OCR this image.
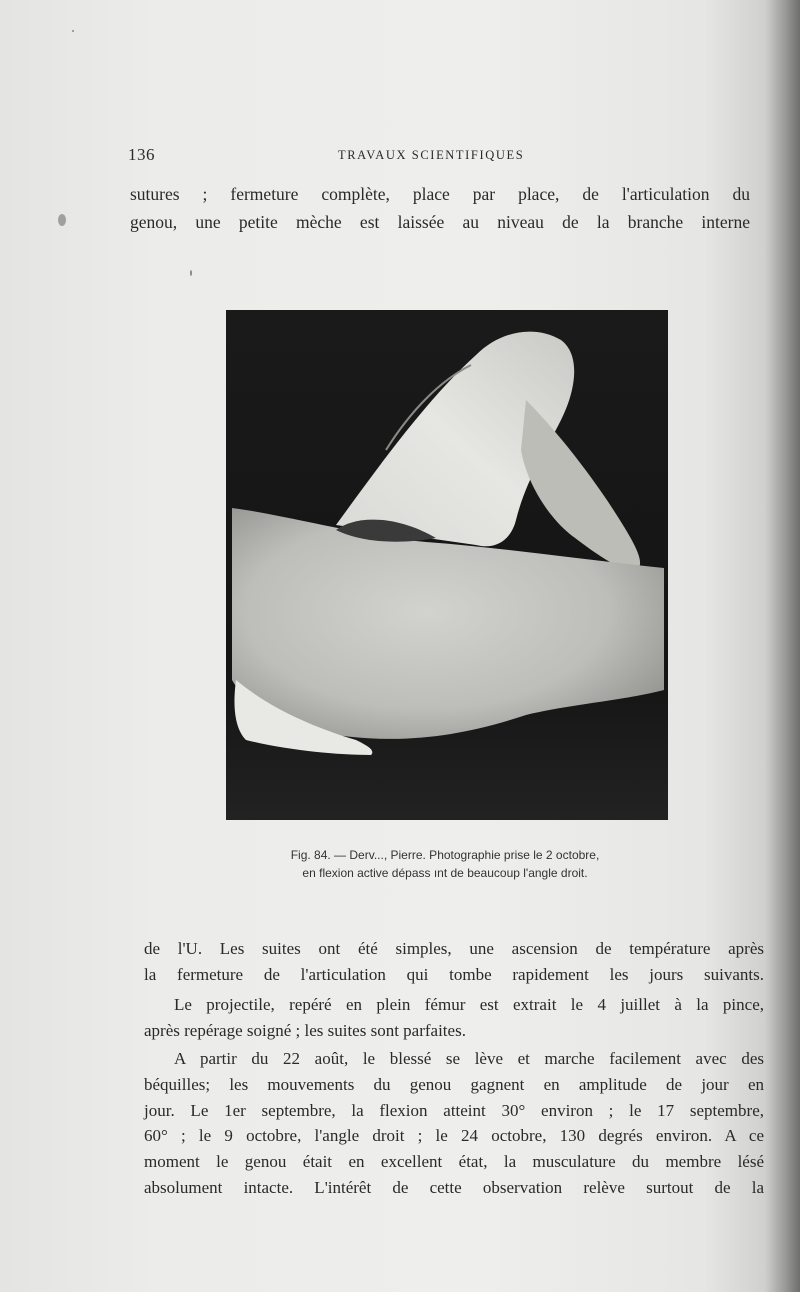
136	TRAVAUX SCIENTIFIQUES
sutures ; fermeture complète, place par place, de l'articulation du
genou, une petite mèche est laissée au niveau de la branche interne
Fig. 84. — Derv..., Pierre. Photographie prise le 2 octobre,
en flexion active dépass ınt de beaucoup l'angle droit.
de l'U. Les suites ont été simples, une ascension de température après
la fermeture de l'articulation qui tombe rapidement les jours suivants.
Le projectile, repéré en plein fémur est extrait le 4 juillet à la pince,
après repérage soigné ; les suites sont parfaites.
A partir du 22 août, le blessé se lève et marche facilement avec des
béquilles; les mouvements du genou gagnent en amplitude de jour en
jour. Le 1er septembre, la flexion atteint 30° environ ; le 17 septembre,
60° ; le 9 octobre, l'angle droit ; le 24 octobre, 130 degrés environ. A ce
moment le genou était en excellent état, la musculature du membre lésé
absolument intacte. L'intérêt de cette observation relève surtout de la
